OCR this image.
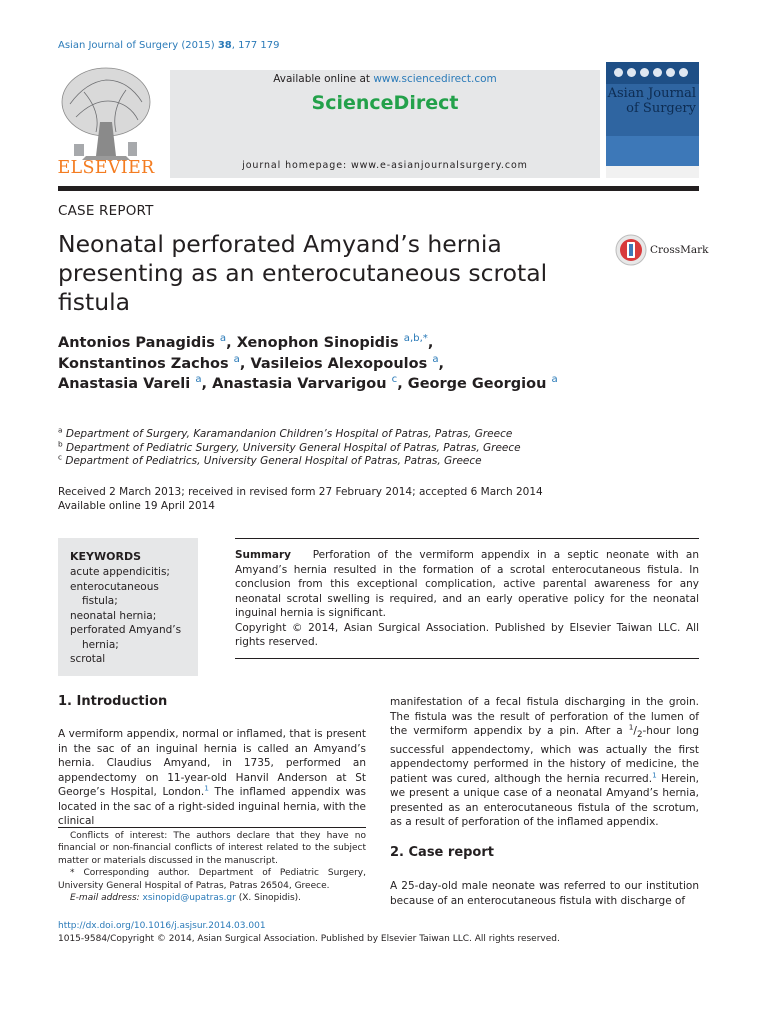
Asian Journal of Surgery (2015) 38, 177 179
ELSEVIER
Available online at www.sciencedirect.com
ScienceDirect
journal homepage: www.e-asianjournalsurgery.com
Asian Journal of Surgery
CASE REPORT
Neonatal perforated Amyand’s hernia presenting as an enterocutaneous scrotal fistula
CrossMark
Antonios Panagidis $^a$, Xenophon Sinopidis $^{a,b,*}$,
Konstantinos Zachos $^a$, Vasileios Alexopoulos $^a$,
Anastasia Vareli $^a$, Anastasia Varvarigou $^c$, George Georgiou $^a$
$^a$ Department of Surgery, Karamandanion Children’s Hospital of Patras, Patras, Greece
$^b$ Department of Pediatric Surgery, University General Hospital of Patras, Patras, Greece
$^c$ Department of Pediatrics, University General Hospital of Patras, Patras, Greece
Received 2 March 2013; received in revised form 27 February 2014; accepted 6 March 2014
Available online 19 April 2014
KEYWORDS
acute appendicitis;
enterocutaneous
fistula;
neonatal hernia;
perforated Amyand’s
hernia;
scrotal
Summary Perforation of the vermiform appendix in a septic neonate with an Amyand’s hernia resulted in the formation of a scrotal enterocutaneous fistula. In conclusion from this exceptional complication, active parental awareness for any neonatal scrotal swelling is required, and an early operative policy for the neonatal inguinal hernia is significant.
Copyright © 2014, Asian Surgical Association. Published by Elsevier Taiwan LLC. All rights reserved.
1. Introduction
A vermiform appendix, normal or inflamed, that is present in the sac of an inguinal hernia is called an Amyand’s hernia. Claudius Amyand, in 1735, performed an appendectomy on 11-year-old Hanvil Anderson at St George’s Hospital, London.$^1$ The inflamed appendix was located in the sac of a right-sided inguinal hernia, with the clinical

Conflicts of interest: The authors declare that they have no financial or non-financial conflicts of interest related to the subject matter or materials discussed in the manuscript.

* Corresponding author. Department of Pediatric Surgery, University General Hospital of Patras, Patras 26504, Greece.

E-mail address: xsinopid@upatras.gr (X. Sinopidis).

manifestation of a fecal fistula discharging in the groin. The fistula was the result of perforation of the lumen of the vermiform appendix by a pin. After a $^1/_2$-hour long successful appendectomy, which was actually the first appendectomy performed in the history of medicine, the patient was cured, although the hernia recurred.$^1$ Herein, we present a unique case of a neonatal Amyand’s hernia, presented as an enterocutaneous fistula of the scrotum, as a result of perforation of the inflamed appendix.
2. Case report
A 25-day-old male neonate was referred to our institution because of an enterocutaneous fistula with discharge of
http://dx.doi.org/10.1016/j.asjsur.2014.03.001
1015-9584/Copyright © 2014, Asian Surgical Association. Published by Elsevier Taiwan LLC. All rights reserved.
